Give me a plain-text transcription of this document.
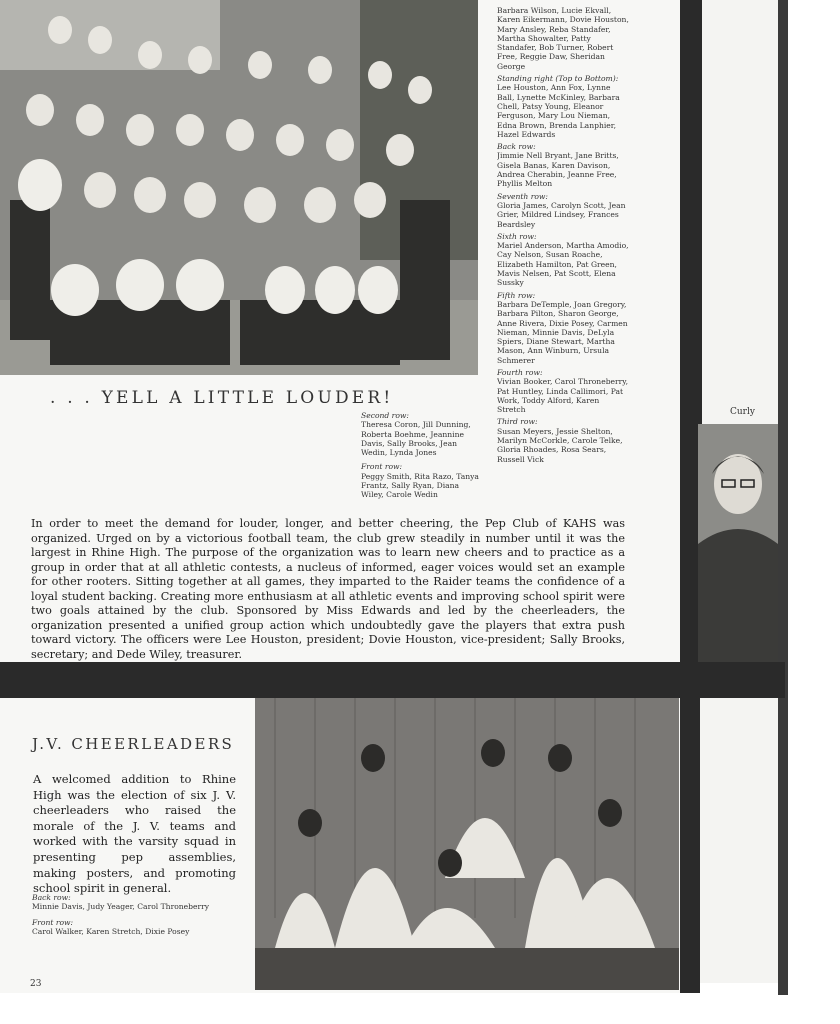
Barbara Wilson, Lucie Ekvall, Karen Eikermann, Dovie Houston, Mary Ansley, Reba Standafer, Martha Showalter, Patty Standafer, Bob Turner, Robert Free, Reggie Daw, Sheridan George
Standing right (Top to Bottom):
Lee Houston, Ann Fox, Lynne Ball, Lynette McKinley, Barbara Chell, Patsy Young, Eleanor Ferguson, Mary Lou Nieman, Edna Brown, Brenda Lanphier, Hazel Edwards
Back row:
Jimmie Nell Bryant, Jane Britts, Gisela Banas, Karen Davison, Andrea Cherabin, Jeanne Free, Phyllis Melton
Seventh row:
Gloria James, Carolyn Scott, Jean Grier, Mildred Lindsey, Frances Beardsley
Sixth row:
Mariel Anderson, Martha Amodio, Cay Nelson, Susan Roache, Elizabeth Hamilton, Pat Green, Mavis Nelsen, Pat Scott, Elena Sussky
Fifth row:
Barbara DeTemple, Joan Gregory, Barbara Pilton, Sharon George, Anne Rivera, Dixie Posey, Carmen Nieman, Minnie Davis, DeLyla Spiers, Diane Stewart, Martha Mason, Ann Winburn, Ursula Schmerer
Fourth row:
Vivian Booker, Carol Throneberry, Pat Huntley, Linda Callimori, Pat Work, Toddy Alford, Karen Stretch
Third row:
Susan Meyers, Jessie Shelton, Marilyn McCorkle, Carole Telke, Gloria Rhoades, Rosa Sears, Russell Vick
. . . YELL A LITTLE LOUDER!
Second row:
Theresa Coron, Jill Dunning, Roberta Boehme, Jeannine Davis, Sally Brooks, Jean Wedin, Lynda Jones
Front row:
Peggy Smith, Rita Razo, Tanya Frantz, Sally Ryan, Diana Wiley, Carole Wedin
In order to meet the demand for louder, longer, and better cheering, the Pep Club of KAHS was organized. Urged on by a victorious football team, the club grew steadily in number until it was the largest in Rhine High. The purpose of the organization was to learn new cheers and to practice as a group in order that at all athletic contests, a nucleus of informed, eager voices would set an example for other rooters. Sitting together at all games, they imparted to the Raider teams the confidence of a loyal student backing. Creating more enthusiasm at all athletic events and improving school spirit were two goals attained by the club. Sponsored by Miss Edwards and led by the cheerleaders, the organization presented a unified group action which undoubtedly gave the players that extra push toward victory. The officers were Lee Houston, president; Dovie Houston, vice-president; Sally Brooks, secretary; and Dede Wiley, treasurer.
Curly
J.V. CHEERLEADERS
A welcomed addition to Rhine High was the election of six J. V. cheerleaders who raised the morale of the J. V. teams and worked with the varsity squad in presenting pep assemblies, making posters, and promoting school spirit in general.
Back row:
Minnie Davis, Judy Yeager, Carol Throneberry
Front row:
Carol Walker, Karen Stretch, Dixie Posey
23
